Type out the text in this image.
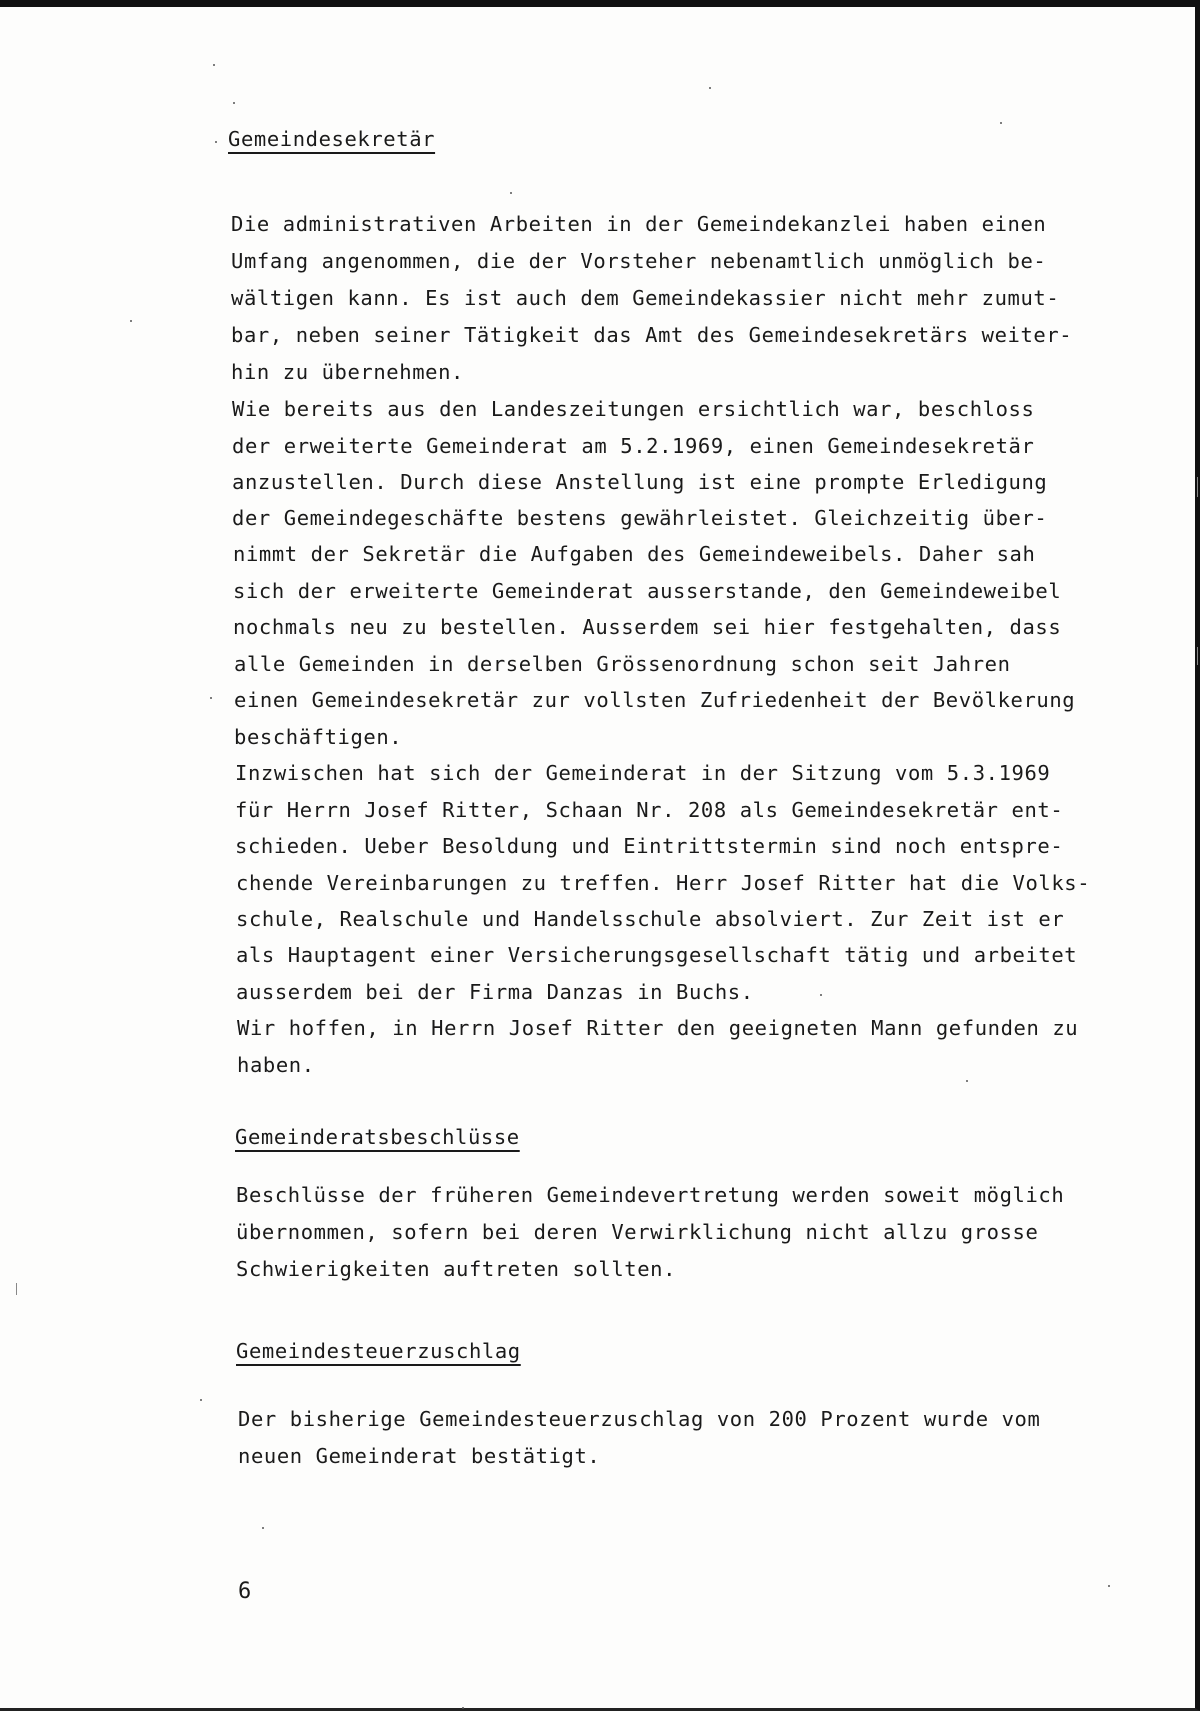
Gemeindesekretär

Die administrativen Arbeiten in der Gemeindekanzlei haben einen

Umfang angenommen, die der Vorsteher nebenamtlich unmöglich be-

wältigen kann. Es ist auch dem Gemeindekassier nicht mehr zumut-

bar, neben seiner Tätigkeit das Amt des Gemeindesekretärs weiter-

hin zu übernehmen.

Wie bereits aus den Landeszeitungen ersichtlich war, beschloss

der erweiterte Gemeinderat am 5.2.1969, einen Gemeindesekretär

anzustellen. Durch diese Anstellung ist eine prompte Erledigung

der Gemeindegeschäfte bestens gewährleistet. Gleichzeitig über-

nimmt der Sekretär die Aufgaben des Gemeindeweibels. Daher sah

sich der erweiterte Gemeinderat ausserstande, den Gemeindeweibel

nochmals neu zu bestellen. Ausserdem sei hier festgehalten, dass

alle Gemeinden in derselben Grössenordnung schon seit Jahren

einen Gemeindesekretär zur vollsten Zufriedenheit der Bevölkerung

beschäftigen.

Inzwischen hat sich der Gemeinderat in der Sitzung vom 5.3.1969

für Herrn Josef Ritter, Schaan Nr. 208 als Gemeindesekretär ent-

schieden. Ueber Besoldung und Eintrittstermin sind noch entspre-

chende Vereinbarungen zu treffen. Herr Josef Ritter hat die Volks-

schule, Realschule und Handelsschule absolviert. Zur Zeit ist er

als Hauptagent einer Versicherungsgesellschaft tätig und arbeitet

ausserdem bei der Firma Danzas in Buchs.

Wir hoffen, in Herrn Josef Ritter den geeigneten Mann gefunden zu

haben.

Gemeinderatsbeschlüsse

Beschlüsse der früheren Gemeindevertretung werden soweit möglich

übernommen, sofern bei deren Verwirklichung nicht allzu grosse

Schwierigkeiten auftreten sollten.

Gemeindesteuerzuschlag

Der bisherige Gemeindesteuerzuschlag von 200 Prozent wurde vom

neuen Gemeinderat bestätigt.

6
